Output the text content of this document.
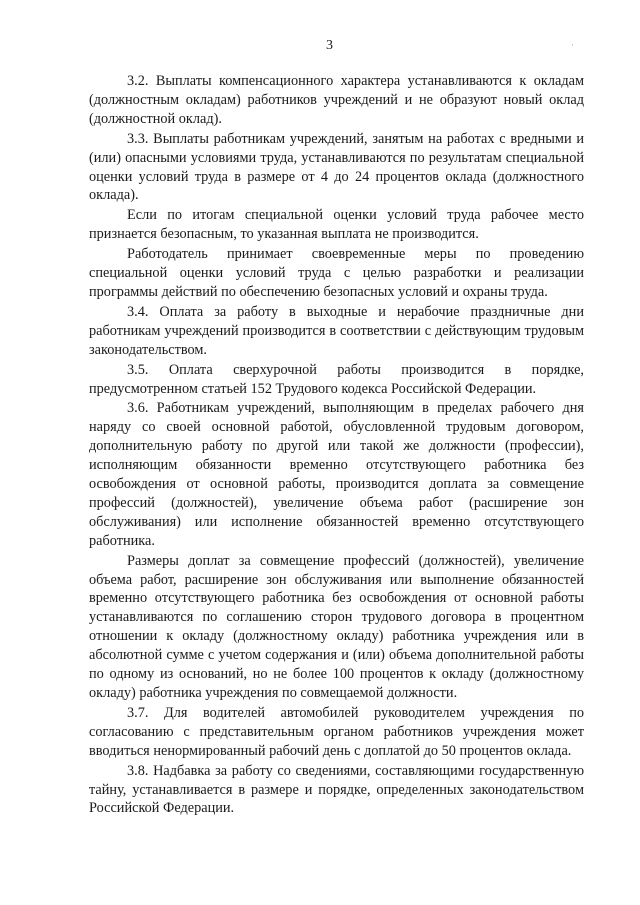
·
3

3.2. Выплаты компенсационного характера устанавливаются к окладам (должностным окладам) работников учреждений и не образуют новый оклад (должностной оклад).

3.3. Выплаты работникам учреждений, занятым на работах с вредными и (или) опасными условиями труда, устанавливаются по результатам специальной оценки условий труда в размере от 4 до 24 процентов оклада (должностного оклада).

Если по итогам специальной оценки условий труда рабочее место признается безопасным, то указанная выплата не производится.

Работодатель принимает своевременные меры по проведению специальной оценки условий труда с целью разработки и реализации программы действий по обеспечению безопасных условий и охраны труда.

3.4. Оплата за работу в выходные и нерабочие праздничные дни работникам учреждений производится в соответствии с действующим трудовым законодательством.

3.5. Оплата сверхурочной работы производится в порядке, предусмотренном статьей 152 Трудового кодекса Российской Федерации.

3.6. Работникам учреждений, выполняющим в пределах рабочего дня наряду со своей основной работой, обусловленной трудовым договором, дополнительную работу по другой или такой же должности (профессии), исполняющим обязанности временно отсутствующего работника без освобождения от основной работы, производится доплата за совмещение профессий (должностей), увеличение объема работ (расширение зон обслуживания) или исполнение обязанностей временно отсутствующего работника.

Размеры доплат за совмещение профессий (должностей), увеличение объема работ, расширение зон обслуживания или выполнение обязанностей временно отсутствующего работника без освобождения от основной работы устанавливаются по соглашению сторон трудового договора в процентном отношении к окладу (должностному окладу) работника учреждения или в абсолютной сумме с учетом содержания и (или) объема дополнительной работы по одному из оснований, но не более 100 процентов к окладу (должностному окладу) работника учреждения по совмещаемой должности.

3.7. Для водителей автомобилей руководителем учреждения по согласованию с представительным органом работников учреждения может вводиться ненормированный рабочий день с доплатой до 50 процентов оклада.

3.8. Надбавка за работу со сведениями, составляющими государственную тайну, устанавливается в размере и порядке, определенных законодательством Российской Федерации.
